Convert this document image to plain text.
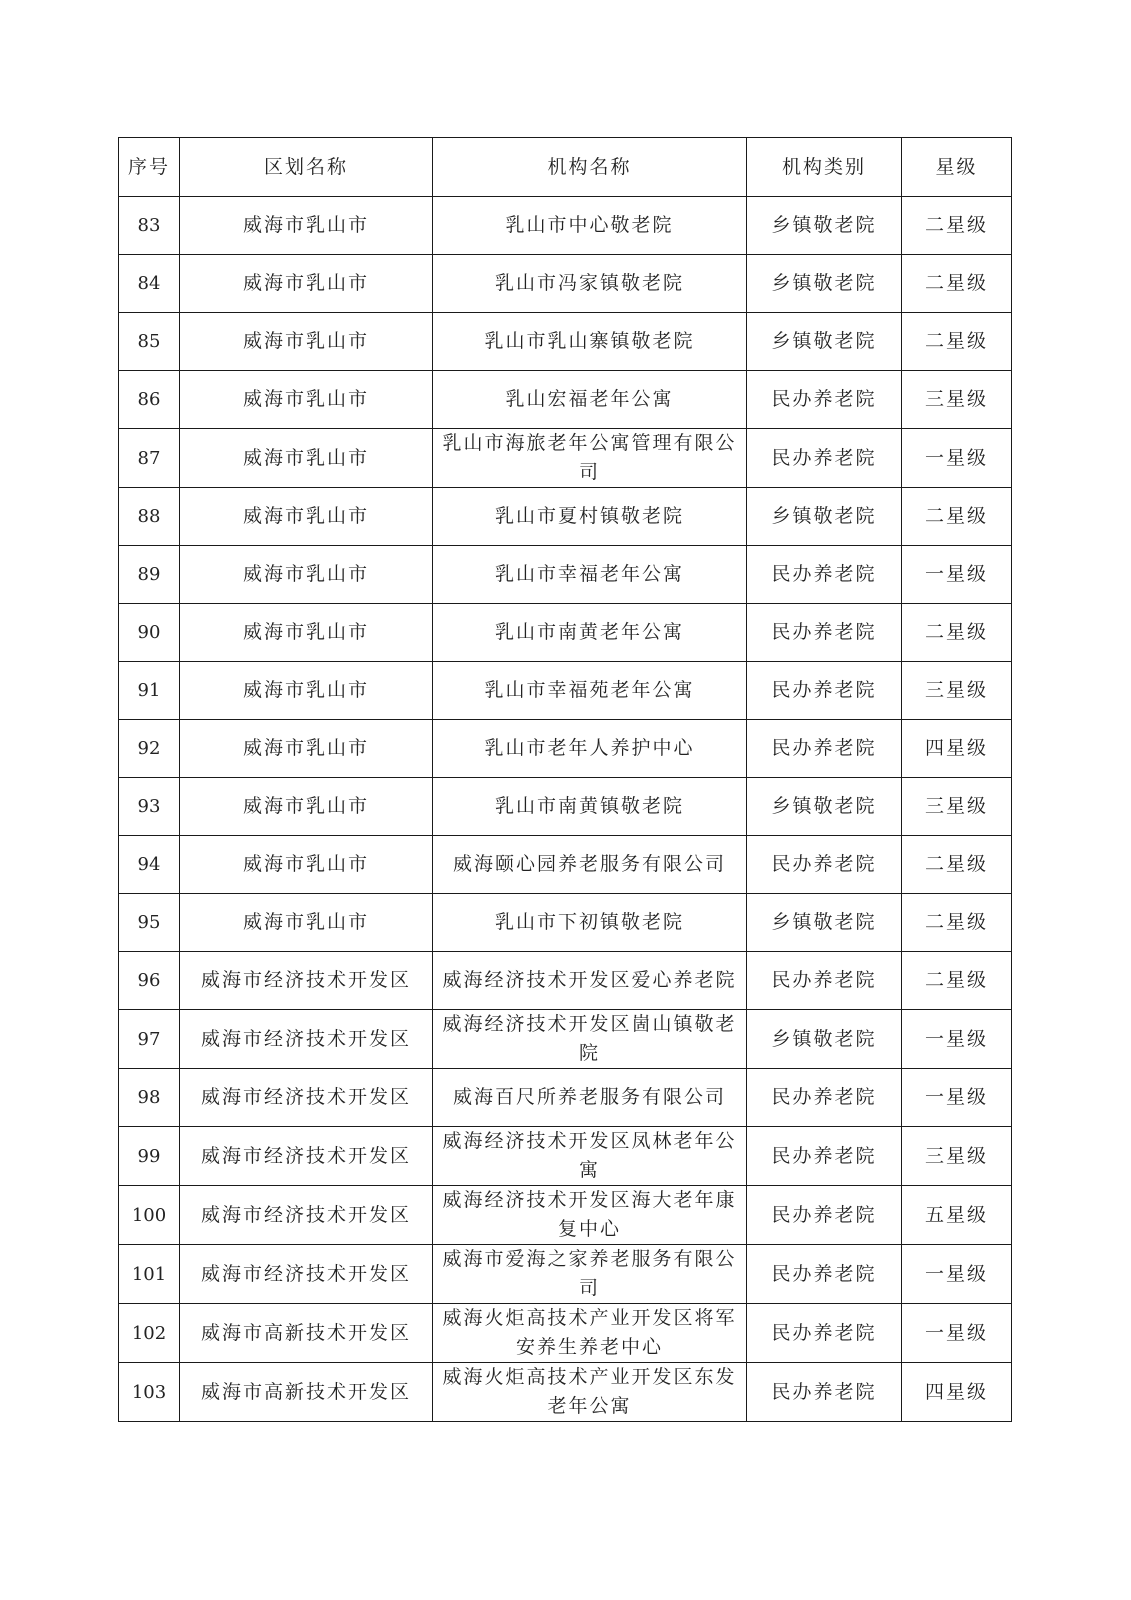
序号	区划名称	机构名称	机构类别	星级
83	威海市乳山市	乳山市中心敬老院	乡镇敬老院	二星级
84	威海市乳山市	乳山市冯家镇敬老院	乡镇敬老院	二星级
85	威海市乳山市	乳山市乳山寨镇敬老院	乡镇敬老院	二星级
86	威海市乳山市	乳山宏福老年公寓	民办养老院	三星级
87	威海市乳山市	乳山市海旅老年公寓管理有限公司	民办养老院	一星级
88	威海市乳山市	乳山市夏村镇敬老院	乡镇敬老院	二星级
89	威海市乳山市	乳山市幸福老年公寓	民办养老院	一星级
90	威海市乳山市	乳山市南黄老年公寓	民办养老院	二星级
91	威海市乳山市	乳山市幸福苑老年公寓	民办养老院	三星级
92	威海市乳山市	乳山市老年人养护中心	民办养老院	四星级
93	威海市乳山市	乳山市南黄镇敬老院	乡镇敬老院	三星级
94	威海市乳山市	威海颐心园养老服务有限公司	民办养老院	二星级
95	威海市乳山市	乳山市下初镇敬老院	乡镇敬老院	二星级
96	威海市经济技术开发区	威海经济技术开发区爱心养老院	民办养老院	二星级
97	威海市经济技术开发区	威海经济技术开发区崮山镇敬老院	乡镇敬老院	一星级
98	威海市经济技术开发区	威海百尺所养老服务有限公司	民办养老院	一星级
99	威海市经济技术开发区	威海经济技术开发区凤林老年公寓	民办养老院	三星级
100	威海市经济技术开发区	威海经济技术开发区海大老年康复中心	民办养老院	五星级
101	威海市经济技术开发区	威海市爱海之家养老服务有限公司	民办养老院	一星级
102	威海市高新技术开发区	威海火炬高技术产业开发区将军安养生养老中心	民办养老院	一星级
103	威海市高新技术开发区	威海火炬高技术产业开发区东发老年公寓	民办养老院	四星级
